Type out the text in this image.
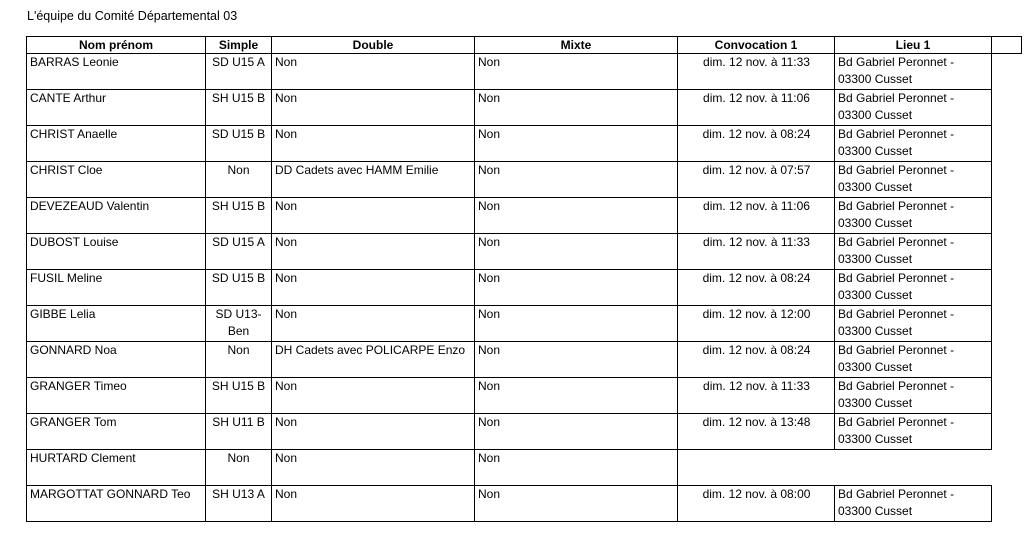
L'équipe du Comité Départemental 03
Nom prénom	Simple	Double	Mixte	Convocation 1	Lieu 1	
BARRAS Leonie	SD U15 A	Non	Non	dim. 12 nov. à 11:33	Bd Gabriel Peronnet - 03300 Cusset	
CANTE Arthur	SH U15 B	Non	Non	dim. 12 nov. à 11:06	Bd Gabriel Peronnet - 03300 Cusset	
CHRIST Anaelle	SD U15 B	Non	Non	dim. 12 nov. à 08:24	Bd Gabriel Peronnet - 03300 Cusset	
CHRIST Cloe	Non	DD Cadets avec HAMM Emilie	Non	dim. 12 nov. à 07:57	Bd Gabriel Peronnet - 03300 Cusset	
DEVEZEAUD Valentin	SH U15 B	Non	Non	dim. 12 nov. à 11:06	Bd Gabriel Peronnet - 03300 Cusset	
DUBOST Louise	SD U15 A	Non	Non	dim. 12 nov. à 11:33	Bd Gabriel Peronnet - 03300 Cusset	
FUSIL Meline	SD U15 B	Non	Non	dim. 12 nov. à 08:24	Bd Gabriel Peronnet - 03300 Cusset	
GIBBE Lelia	SD U13-Ben	Non	Non	dim. 12 nov. à 12:00	Bd Gabriel Peronnet - 03300 Cusset	
GONNARD Noa	Non	DH Cadets avec POLICARPE Enzo	Non	dim. 12 nov. à 08:24	Bd Gabriel Peronnet - 03300 Cusset	
GRANGER Timeo	SH U15 B	Non	Non	dim. 12 nov. à 11:33	Bd Gabriel Peronnet - 03300 Cusset	
GRANGER Tom	SH U11 B	Non	Non	dim. 12 nov. à 13:48	Bd Gabriel Peronnet - 03300 Cusset	
HURTARD Clement	Non	Non	Non			
MARGOTTAT GONNARD Teo	SH U13 A	Non	Non	dim. 12 nov. à 08:00	Bd Gabriel Peronnet - 03300 Cusset	
